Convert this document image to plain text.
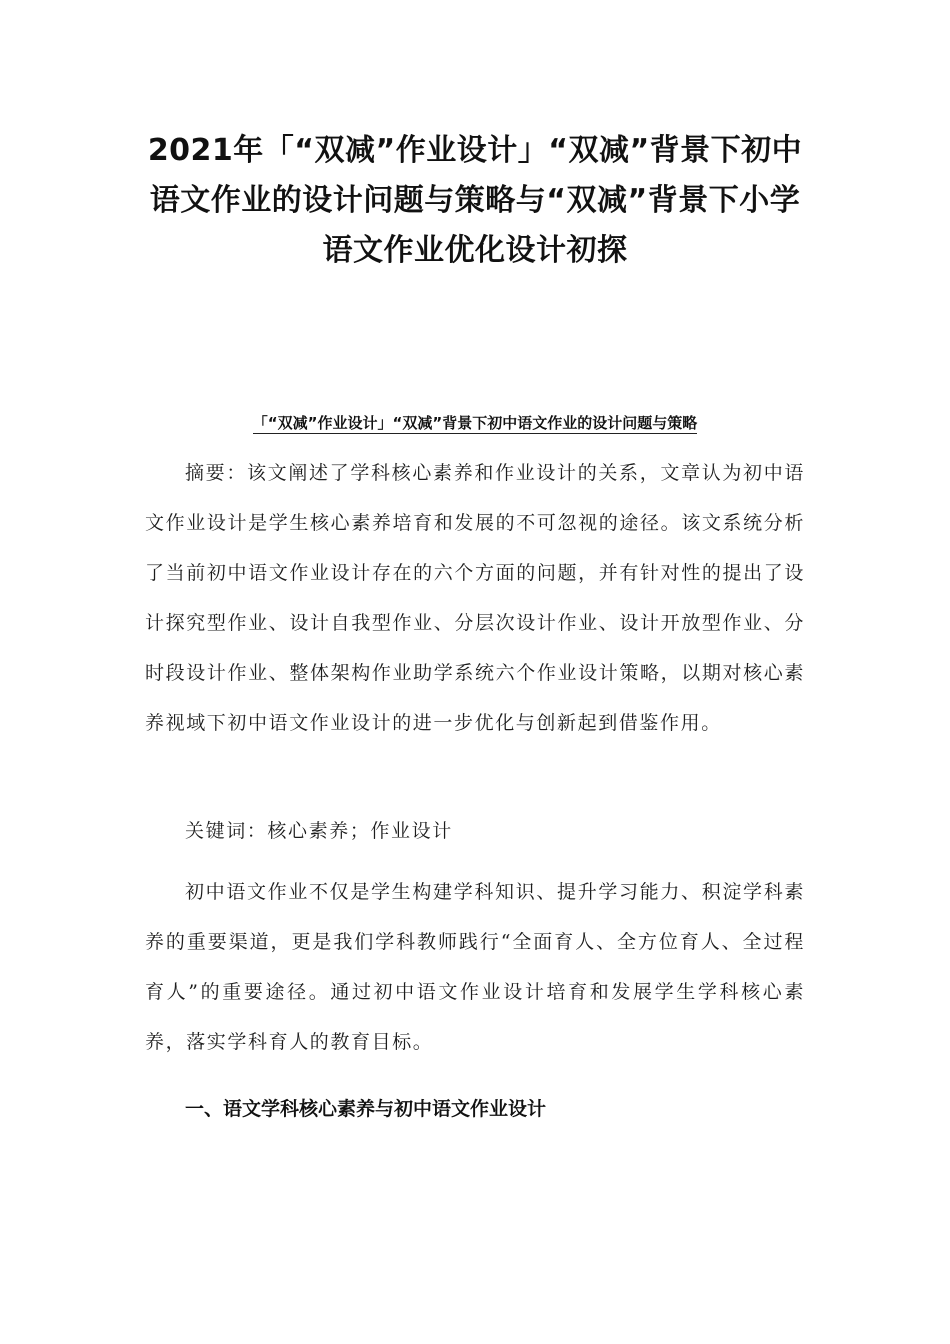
2021年「“双减”作业设计」“双减”背景下初中语文作业的设计问题与策略与“双减”背景下小学语文作业优化设计初探
「“双减”作业设计」“双减”背景下初中语文作业的设计问题与策略

摘要：该文阐述了学科核心素养和作业设计的关系，文章认为初中语文作业设计是学生核心素养培育和发展的不可忽视的途径。该文系统分析了当前初中语文作业设计存在的六个方面的问题，并有针对性的提出了设计探究型作业、设计自我型作业、分层次设计作业、设计开放型作业、分时段设计作业、整体架构作业助学系统六个作业设计策略，以期对核心素养视域下初中语文作业设计的进一步优化与创新起到借鉴作用。

关键词：核心素养；作业设计

初中语文作业不仅是学生构建学科知识、提升学习能力、积淀学科素养的重要渠道，更是我们学科教师践行“全面育人、全方位育人、全过程育人”的重要途径。通过初中语文作业设计培育和发展学生学科核心素养，落实学科育人的教育目标。

一、语文学科核心素养与初中语文作业设计
